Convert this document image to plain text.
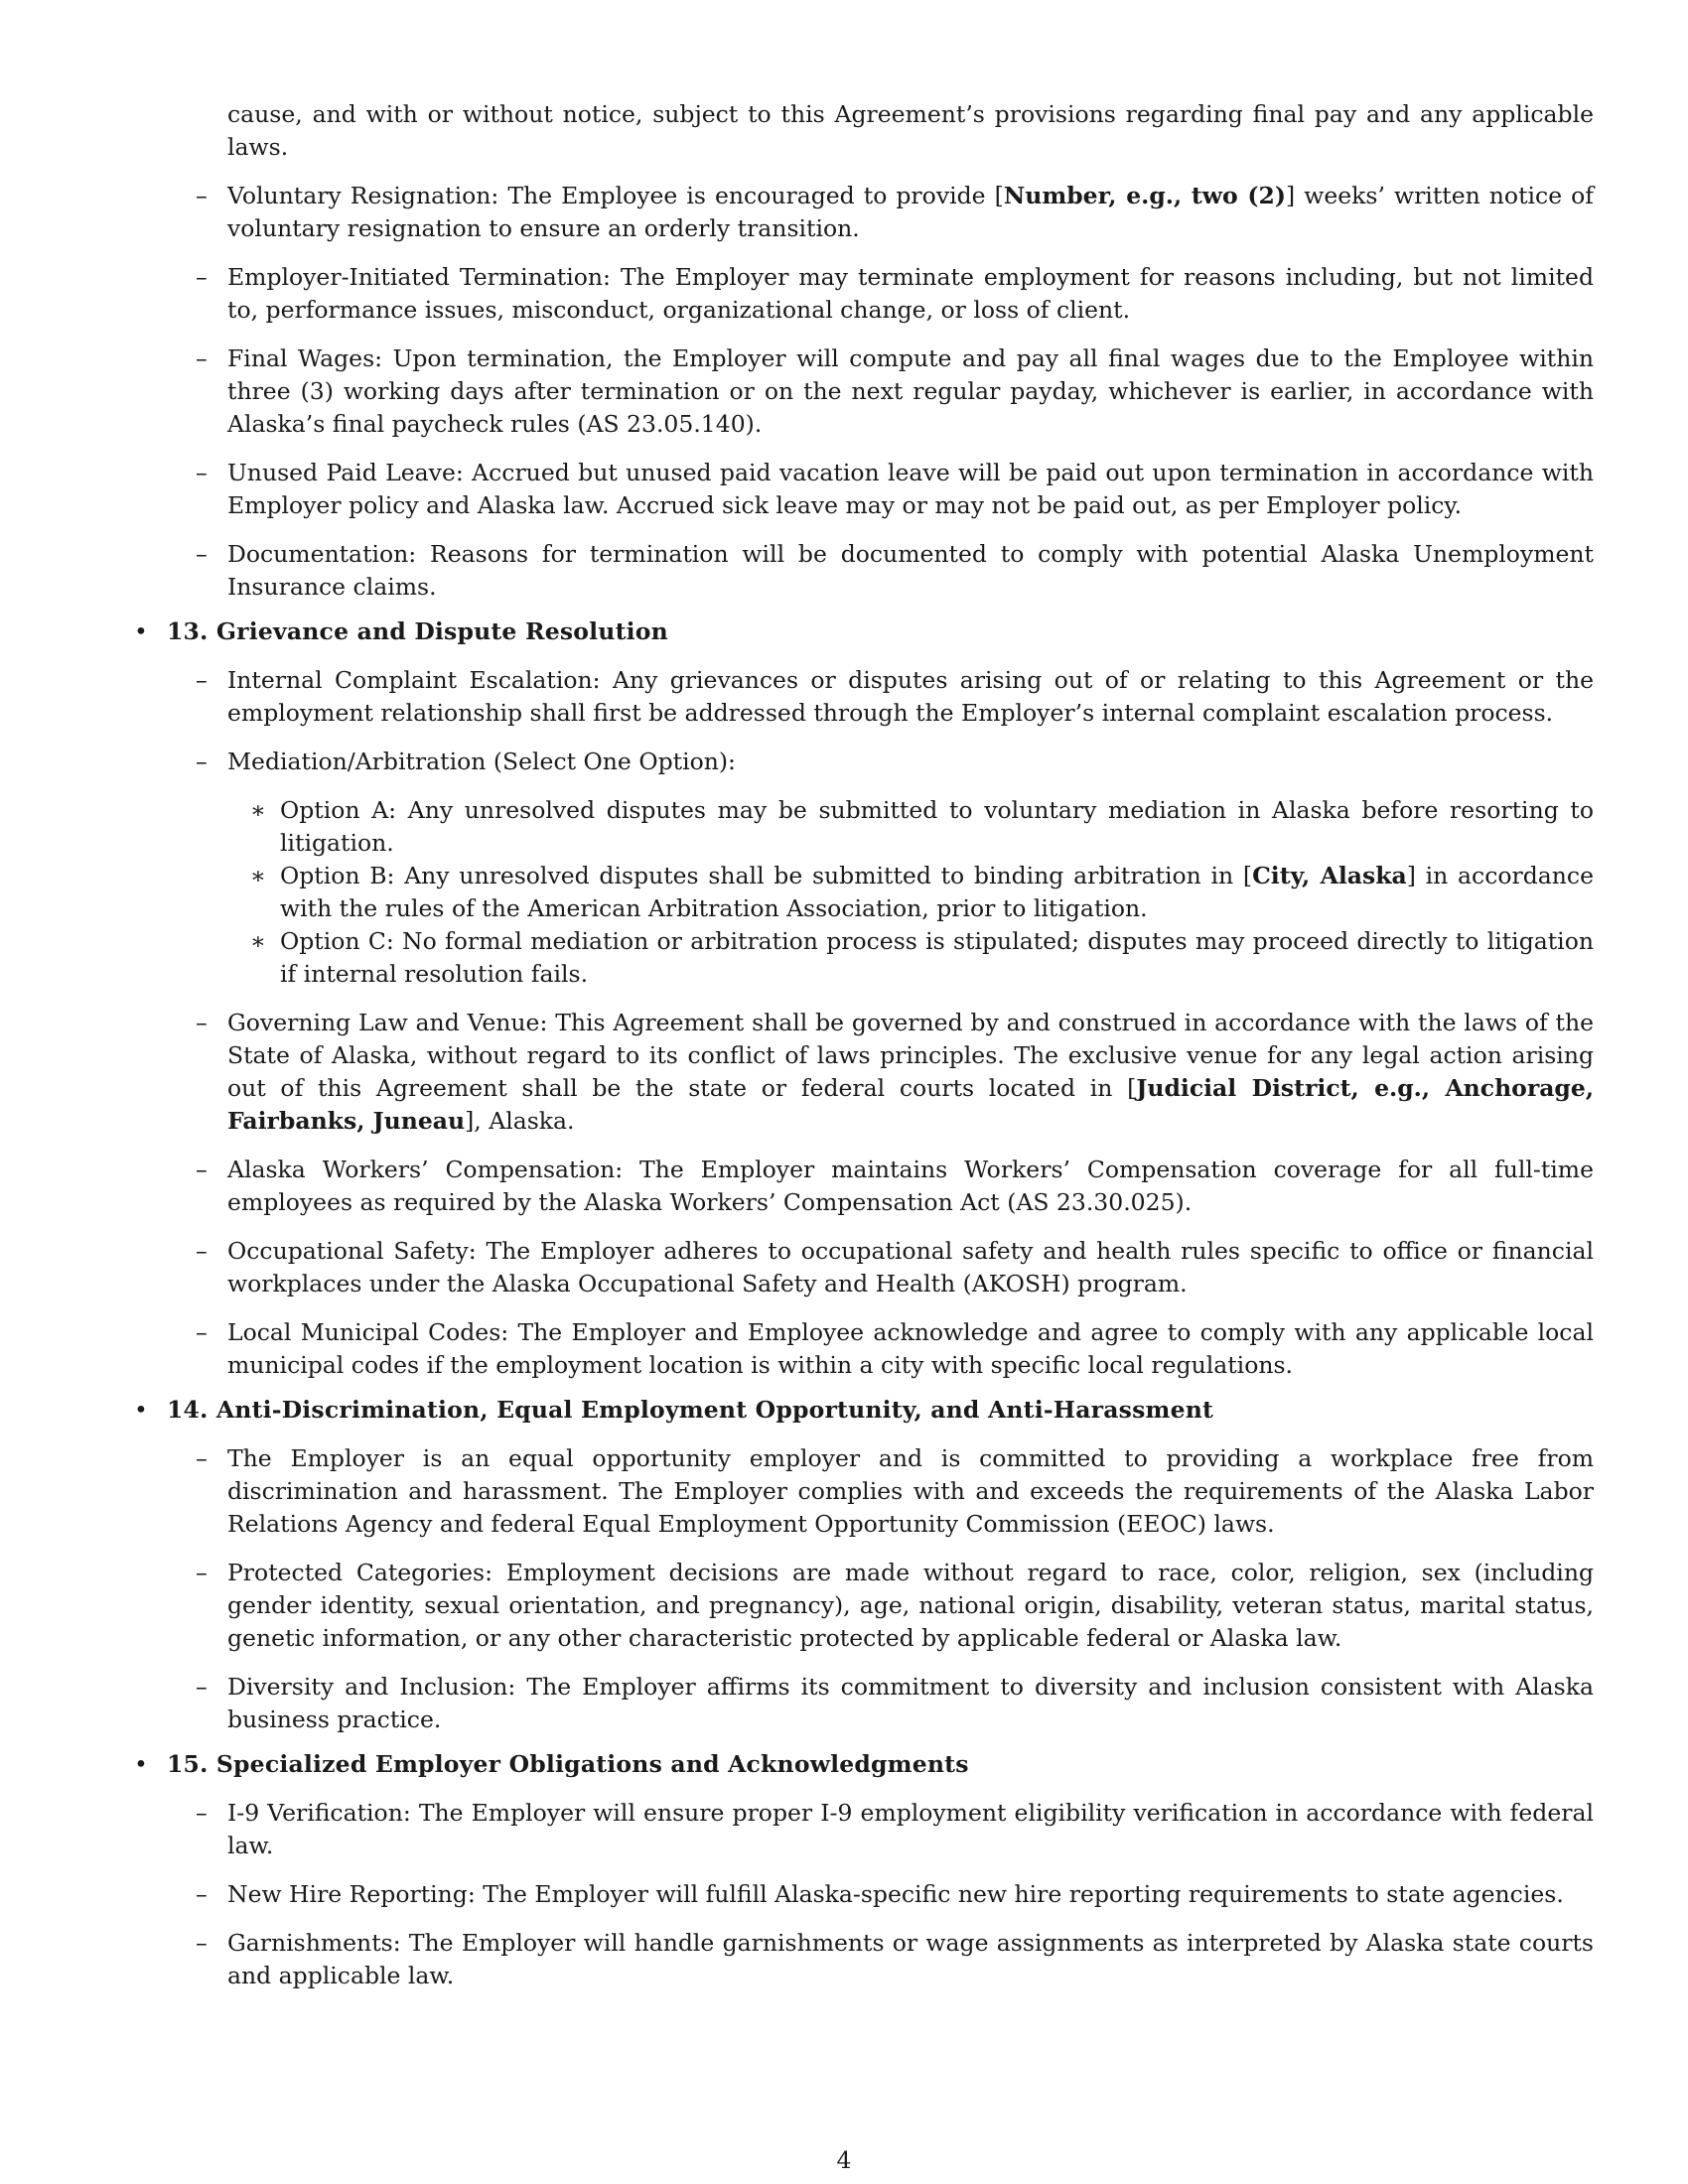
cause, and with or without notice, subject to this Agreement’s provisions regarding final pay and any applicable laws.

– Voluntary Resignation: The Employee is encouraged to provide [Number, e.g., two (2)] weeks’ written notice of voluntary resignation to ensure an orderly transition.

– Employer-Initiated Termination: The Employer may terminate employment for reasons including, but not limited to, performance issues, misconduct, organizational change, or loss of client.

– Final Wages: Upon termination, the Employer will compute and pay all final wages due to the Employee within three (3) working days after termination or on the next regular payday, whichever is earlier, in accordance with Alaska’s final paycheck rules (AS 23.05.140).

– Unused Paid Leave: Accrued but unused paid vacation leave will be paid out upon termination in accordance with Employer policy and Alaska law. Accrued sick leave may or may not be paid out, as per Employer policy.

– Documentation: Reasons for termination will be documented to comply with potential Alaska Unemployment Insurance claims.

• 13. Grievance and Dispute Resolution

– Internal Complaint Escalation: Any grievances or disputes arising out of or relating to this Agreement or the employment relationship shall first be addressed through the Employer’s internal complaint escalation process.

– Mediation/Arbitration (Select One Option):

∗ Option A: Any unresolved disputes may be submitted to voluntary mediation in Alaska before resorting to litigation.

∗ Option B: Any unresolved disputes shall be submitted to binding arbitration in [City, Alaska] in accordance with the rules of the American Arbitration Association, prior to litigation.

∗ Option C: No formal mediation or arbitration process is stipulated; disputes may proceed directly to litigation if internal resolution fails.

– Governing Law and Venue: This Agreement shall be governed by and construed in accordance with the laws of the State of Alaska, without regard to its conflict of laws principles. The exclusive venue for any legal action arising out of this Agreement shall be the state or federal courts located in [Judicial District, e.g., Anchorage, Fairbanks, Juneau], Alaska.

– Alaska Workers’ Compensation: The Employer maintains Workers’ Compensation coverage for all full-time employees as required by the Alaska Workers’ Compensation Act (AS 23.30.025).

– Occupational Safety: The Employer adheres to occupational safety and health rules specific to office or financial workplaces under the Alaska Occupational Safety and Health (AKOSH) program.

– Local Municipal Codes: The Employer and Employee acknowledge and agree to comply with any applicable local municipal codes if the employment location is within a city with specific local regulations.

• 14. Anti-Discrimination, Equal Employment Opportunity, and Anti-Harassment

– The Employer is an equal opportunity employer and is committed to providing a workplace free from discrimination and harassment. The Employer complies with and exceeds the requirements of the Alaska Labor Relations Agency and federal Equal Employment Opportunity Commission (EEOC) laws.

– Protected Categories: Employment decisions are made without regard to race, color, religion, sex (including gender identity, sexual orientation, and pregnancy), age, national origin, disability, veteran status, marital status, genetic information, or any other characteristic protected by applicable federal or Alaska law.

– Diversity and Inclusion: The Employer affirms its commitment to diversity and inclusion consistent with Alaska business practice.

• 15. Specialized Employer Obligations and Acknowledgments

– I-9 Verification: The Employer will ensure proper I-9 employment eligibility verification in accordance with federal law.

– New Hire Reporting: The Employer will fulfill Alaska-specific new hire reporting requirements to state agencies.

– Garnishments: The Employer will handle garnishments or wage assignments as interpreted by Alaska state courts and applicable law.

4
